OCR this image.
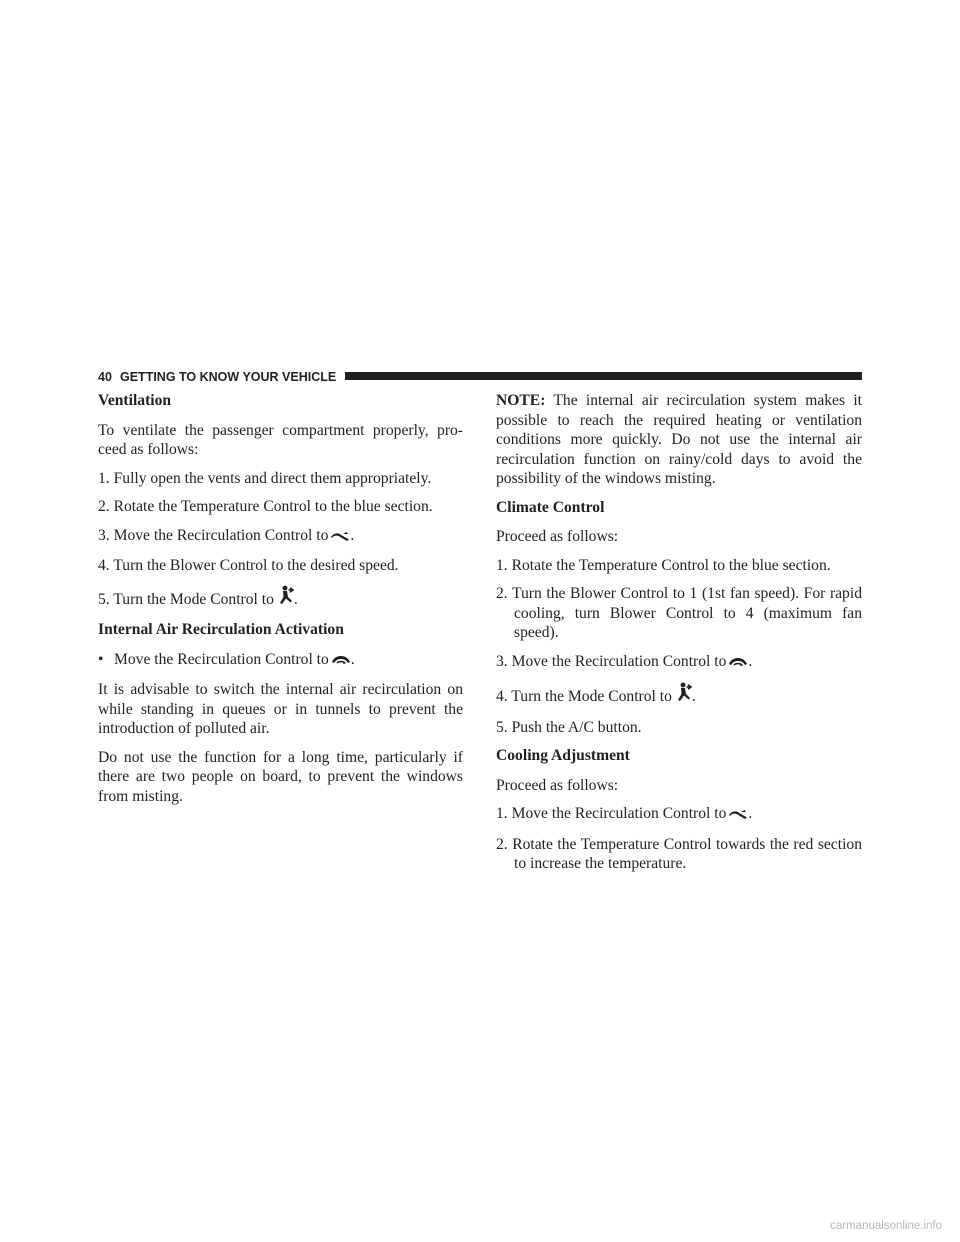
40 GETTING TO KNOW YOUR VEHICLE

Ventilation

To ventilate the passenger compartment properly, pro-ceed as follows:

1. Fully open the vents and direct them appropriately.

2. Rotate the Temperature Control to the blue section.

3. Move the Recirculation Control to .

4. Turn the Blower Control to the desired speed.

5. Turn the Mode Control to .

Internal Air Recirculation Activation

• Move the Recirculation Control to .

It is advisable to switch the internal air recirculation on while standing in queues or in tunnels to prevent the introduction of polluted air.

Do not use the function for a long time, particularly if there are two people on board, to prevent the windows from misting.

NOTE: The internal air recirculation system makes it possible to reach the required heating or ventilation conditions more quickly. Do not use the internal air recirculation function on rainy/cold days to avoid the possibility of the windows misting.

Climate Control

Proceed as follows:

1. Rotate the Temperature Control to the blue section.

2. Turn the Blower Control to 1 (1st fan speed). For rapid cooling, turn Blower Control to 4 (maximum fan speed).

3. Move the Recirculation Control to .

4. Turn the Mode Control to .

5. Push the A/C button.

Cooling Adjustment

Proceed as follows:

1. Move the Recirculation Control to .

2. Rotate the Temperature Control towards the red section to increase the temperature.

carmanualsonline.info
